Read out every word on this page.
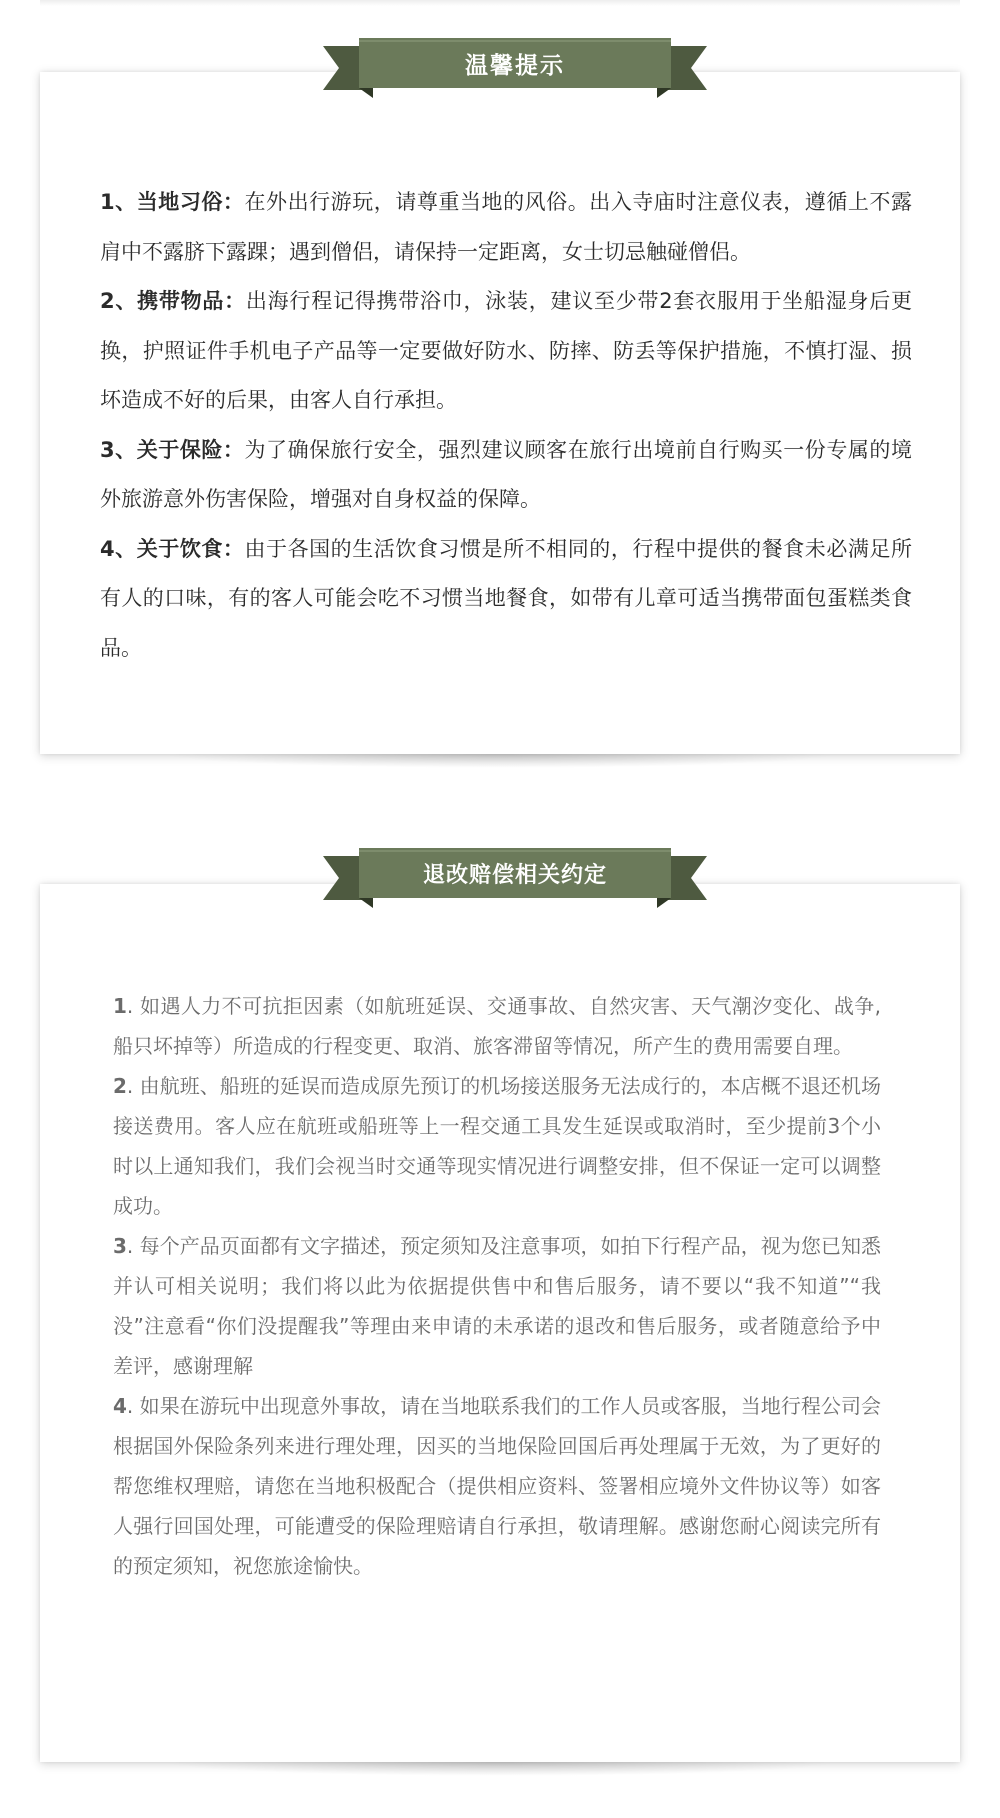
温馨提示

1、当地习俗：在外出行游玩，请尊重当地的风俗。出入寺庙时注意仪表，遵循上不露肩中不露脐下露踝；遇到僧侣，请保持一定距离，女士切忌触碰僧侣。

2、携带物品：出海行程记得携带浴巾，泳装，建议至少带2套衣服用于坐船湿身后更换，护照证件手机电子产品等一定要做好防水、防摔、防丢等保护措施，不慎打湿、损坏造成不好的后果，由客人自行承担。

3、关于保险：为了确保旅行安全，强烈建议顾客在旅行出境前自行购买一份专属的境外旅游意外伤害保险，增强对自身权益的保障。

4、关于饮食：由于各国的生活饮食习惯是所不相同的，行程中提供的餐食未必满足所有人的口味，有的客人可能会吃不习惯当地餐食，如带有儿章可适当携带面包蛋糕类食品。

退改赔偿相关约定

1. 如遇人力不可抗拒因素（如航班延误、交通事故、自然灾害、天气潮汐变化、战争,船只坏掉等）所造成的行程变更、取消、旅客滞留等情况，所产生的费用需要自理。

2. 由航班、船班的延误而造成原先预订的机场接送服务无法成行的，本店概不退还机场接送费用。客人应在航班或船班等上一程交通工具发生延误或取消时，至少提前3个小时以上通知我们，我们会视当时交通等现实情况进行调整安排，但不保证一定可以调整成功。

3. 每个产品页面都有文字描述，预定须知及注意事项，如拍下行程产品，视为您已知悉并认可相关说明；我们将以此为依据提供售中和售后服务，请不要以“我不知道”“我没”注意看“你们没提醒我”等理由来申请的未承诺的退改和售后服务，或者随意给予中差评，感谢理解

4. 如果在游玩中出现意外事故，请在当地联系我们的工作人员或客服，当地行程公司会根据国外保险条列来进行理处理，因买的当地保险回国后再处理属于无效，为了更好的帮您维权理赔，请您在当地积极配合（提供相应资料、签署相应境外文件协议等）如客人强行回国处理，可能遭受的保险理赔请自行承担，敬请理解。感谢您耐心阅读完所有的预定须知，祝您旅途愉快。
